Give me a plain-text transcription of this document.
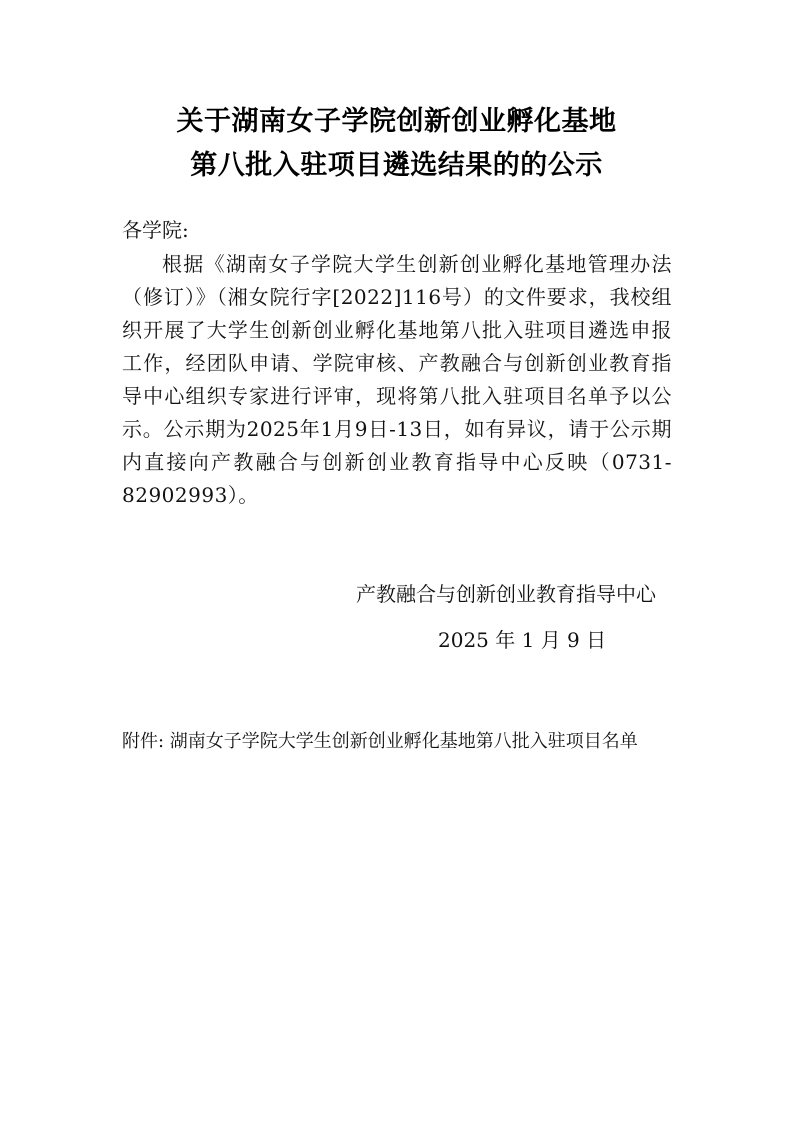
关于湖南女子学院创新创业孵化基地
第八批入驻项目遴选结果的的公示
各学院:
根据《湖南女子学院大学生创新创业孵化基地管理办法（修订）》（湘女院行字[2022]116号）的文件要求，我校组织开展了大学生创新创业孵化基地第八批入驻项目遴选申报工作，经团队申请、学院审核、产教融合与创新创业教育指导中心组织专家进行评审，现将第八批入驻项目名单予以公示。公示期为2025年1月9日-13日，如有异议，请于公示期内直接向产教融合与创新创业教育指导中心反映（0731-82902993）。
产教融合与创新创业教育指导中心
2025 年 1 月 9 日
附件: 湖南女子学院大学生创新创业孵化基地第八批入驻项目名单
